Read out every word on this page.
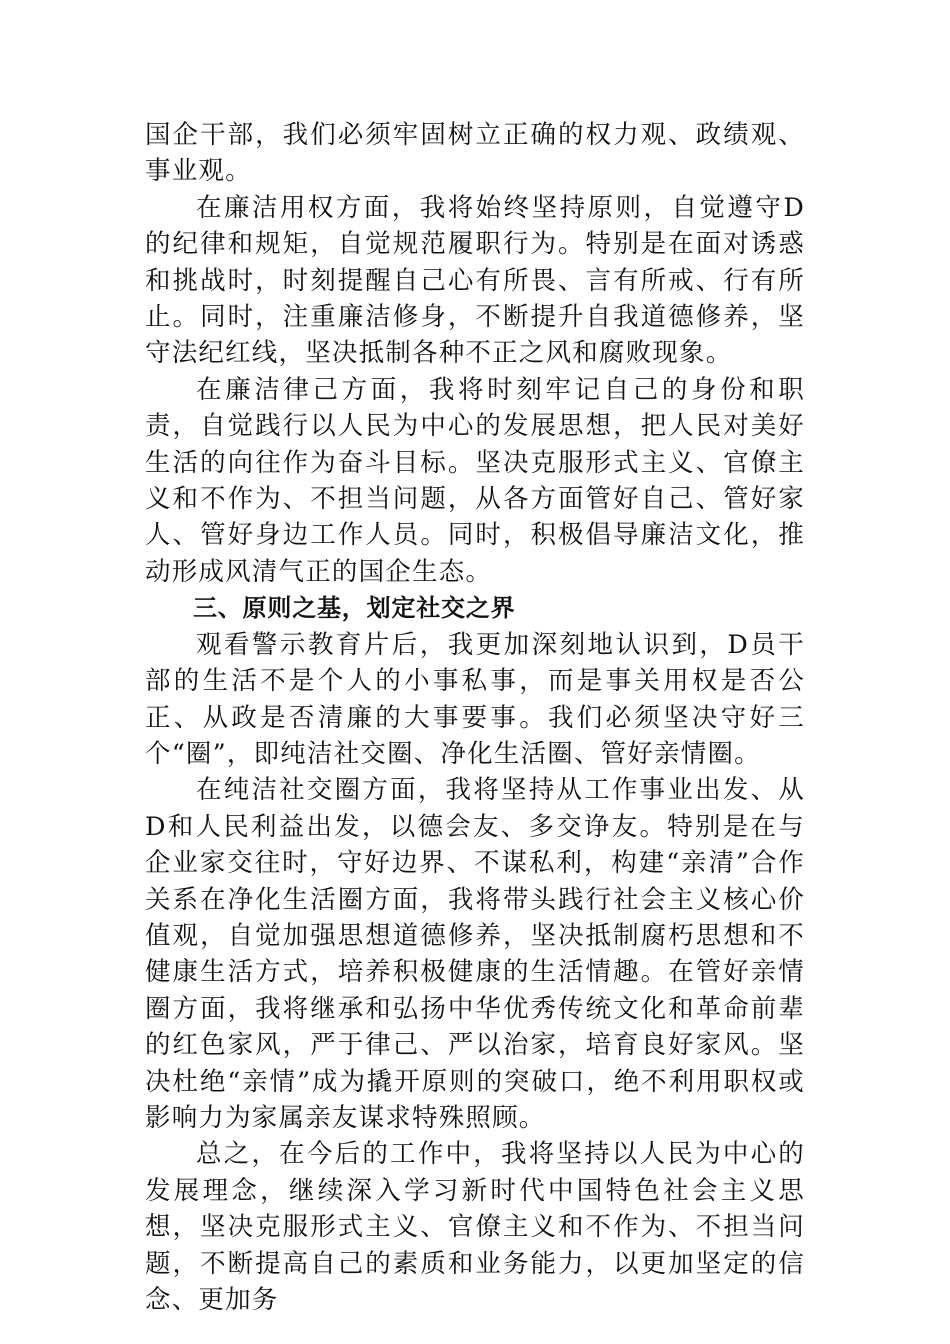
国企干部，我们必须牢固树立正确的权力观、政绩观、事业观。

在廉洁用权方面，我将始终坚持原则，自觉遵守D的纪律和规矩，自觉规范履职行为。特别是在面对诱惑和挑战时，时刻提醒自己心有所畏、言有所戒、行有所止。同时，注重廉洁修身，不断提升自我道德修养，坚守法纪红线，坚决抵制各种不正之风和腐败现象。

在廉洁律己方面，我将时刻牢记自己的身份和职责，自觉践行以人民为中心的发展思想，把人民对美好生活的向往作为奋斗目标。坚决克服形式主义、官僚主义和不作为、不担当问题，从各方面管好自己、管好家人、管好身边工作人员。同时，积极倡导廉洁文化，推动形成风清气正的国企生态。

三、原则之基，划定社交之界

观看警示教育片后，我更加深刻地认识到，D员干部的生活不是个人的小事私事，而是事关用权是否公正、从政是否清廉的大事要事。我们必须坚决守好三个“圈”，即纯洁社交圈、净化生活圈、管好亲情圈。

在纯洁社交圈方面，我将坚持从工作事业出发、从D和人民利益出发，以德会友、多交诤友。特别是在与企业家交往时，守好边界、不谋私利，构建“亲清”合作关系在净化生活圈方面，我将带头践行社会主义核心价值观，自觉加强思想道德修养，坚决抵制腐朽思想和不健康生活方式，培养积极健康的生活情趣。在管好亲情圈方面，我将继承和弘扬中华优秀传统文化和革命前辈的红色家风，严于律己、严以治家，培育良好家风。坚决杜绝“亲情”成为撬开原则的突破口，绝不利用职权或影响力为家属亲友谋求特殊照顾。

总之，在今后的工作中，我将坚持以人民为中心的发展理念，继续深入学习新时代中国特色社会主义思想，坚决克服形式主义、官僚主义和不作为、不担当问题，不断提高自己的素质和业务能力，以更加坚定的信念、更加务
